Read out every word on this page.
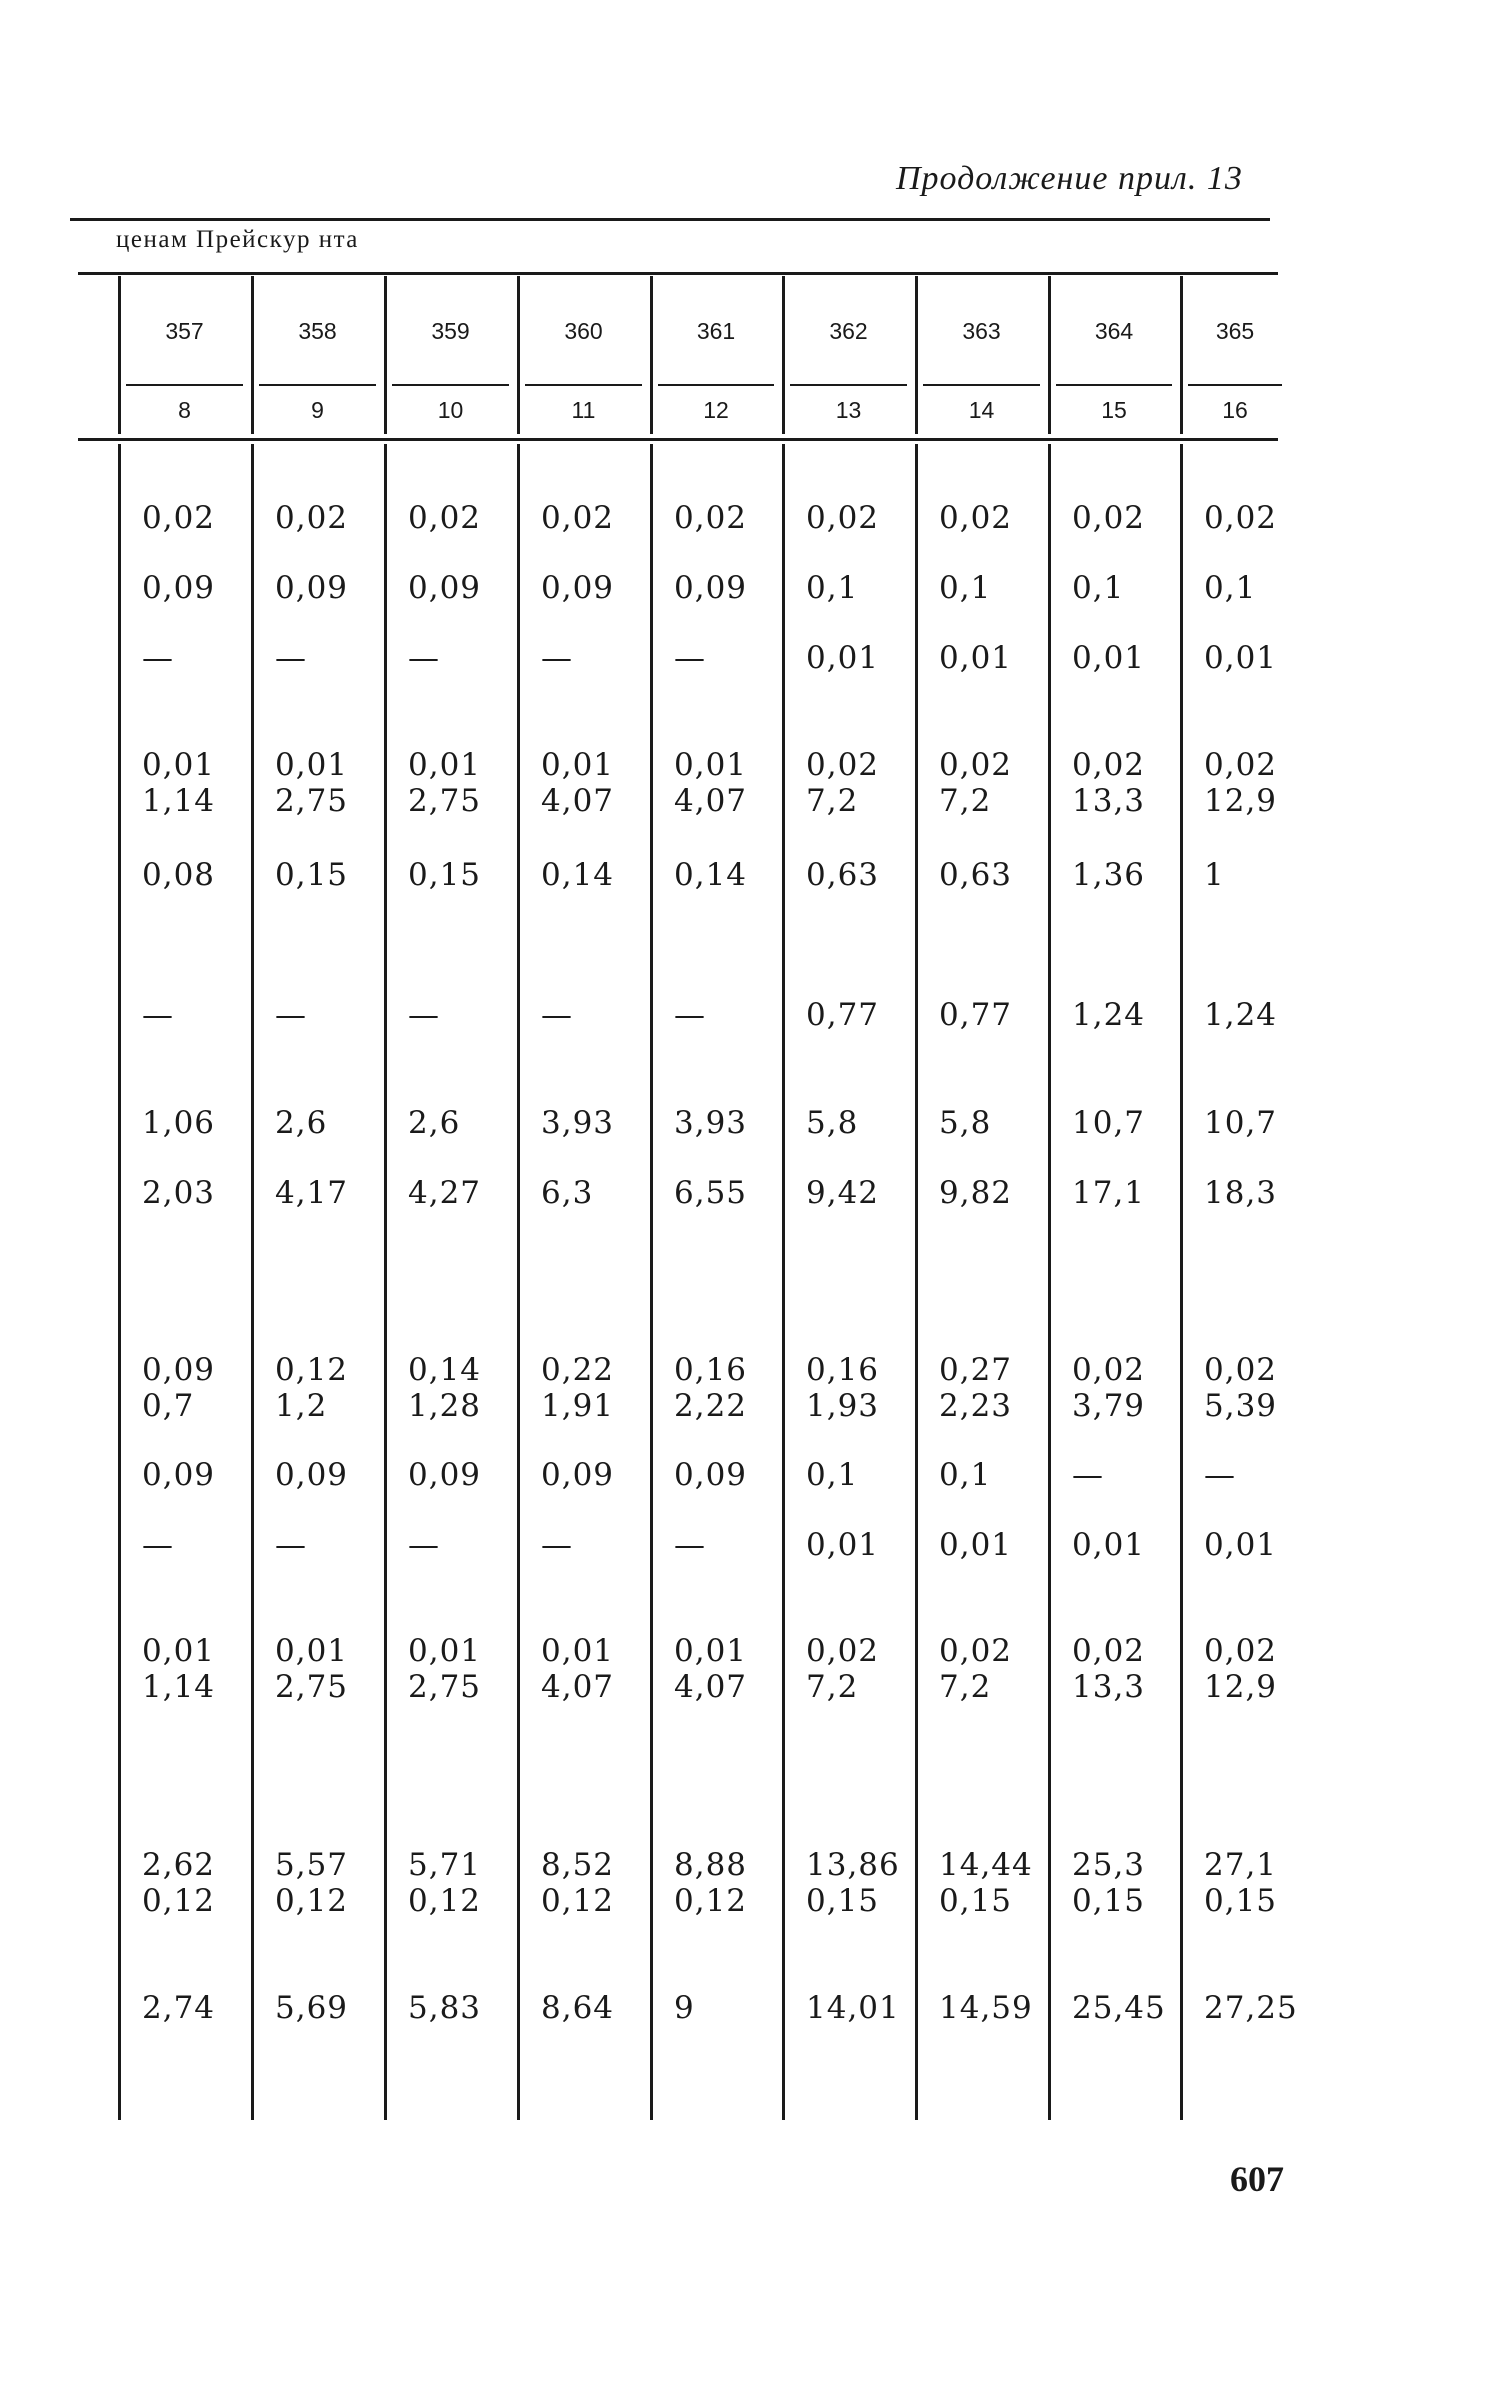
Продолжение прил. 13
ценам Прейскур нта
357
8
0,02
0,09
—
0,01
1,14
0,08
—
1,06
2,03
0,09
0,7
0,09
—
0,01
1,14
2,62
0,12
2,74
358
9
0,02
0,09
—
0,01
2,75
0,15
—
2,6
4,17
0,12
1,2
0,09
—
0,01
2,75
5,57
0,12
5,69
359
10
0,02
0,09
—
0,01
2,75
0,15
—
2,6
4,27
0,14
1,28
0,09
—
0,01
2,75
5,71
0,12
5,83
360
11
0,02
0,09
—
0,01
4,07
0,14
—
3,93
6,3
0,22
1,91
0,09
—
0,01
4,07
8,52
0,12
8,64
361
12
0,02
0,09
—
0,01
4,07
0,14
—
3,93
6,55
0,16
2,22
0,09
—
0,01
4,07
8,88
0,12
9
362
13
0,02
0,1
0,01
0,02
7,2
0,63
0,77
5,8
9,42
0,16
1,93
0,1
0,01
0,02
7,2
13,86
0,15
14,01
363
14
0,02
0,1
0,01
0,02
7,2
0,63
0,77
5,8
9,82
0,27
2,23
0,1
0,01
0,02
7,2
14,44
0,15
14,59
364
15
0,02
0,1
0,01
0,02
13,3
1,36
1,24
10,7
17,1
0,02
3,79
—
0,01
0,02
13,3
25,3
0,15
25,45
365
16
0,02
0,1
0,01
0,02
12,9
1
1,24
10,7
18,3
0,02
5,39
—
0,01
0,02
12,9
27,1
0,15
27,25
607
